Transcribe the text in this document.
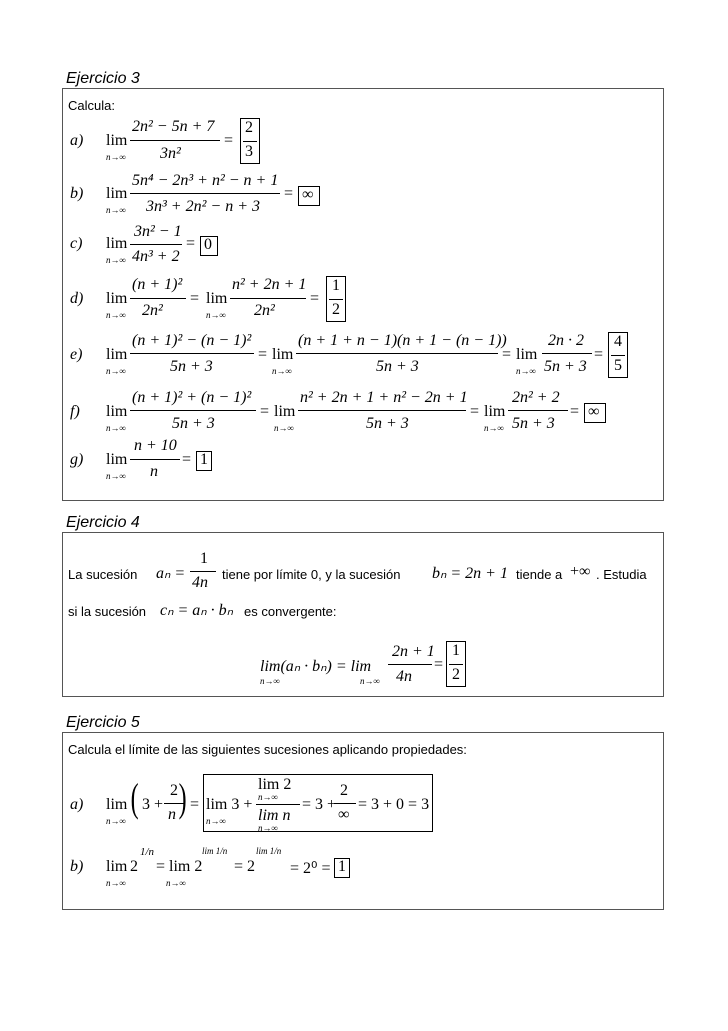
Ejercicio 3
Calcula:
a) lim
n→∞
2n² − 5n + 7
3n²
=
2
3
b) lim
n→∞
5n⁴ − 2n³ + n² − n + 1
3n³ + 2n² − n + 3
= ∞
c) lim
n→∞
3n² − 1
4n³ + 2
= 0
d) lim
n→∞
(n + 1)²
2n²
= lim
n→∞
n² + 2n + 1
2n²
=
1
2
e) lim
n→∞
(n + 1)² − (n − 1)²
5n + 3
= lim
n→∞
(n + 1 + n − 1)(n + 1 − (n − 1))
5n + 3
= lim
n→∞
2n · 2
5n + 3
=
4
5
f) lim
n→∞
(n + 1)² + (n − 1)²
5n + 3
= lim
n→∞
n² + 2n + 1 + n² − 2n + 1
5n + 3
= lim
n→∞
2n² + 2
5n + 3
= ∞
g) lim
n→∞
n + 10
n
= 1
Ejercicio 4
La sucesión aₙ =
1
4n tiene por límite 0, y la sucesión bₙ = 2n + 1 tiende a +∞ . Estudia
si la sucesión cₙ = aₙ · bₙ es convergente:
lim(aₙ · bₙ) = lim
n→∞	n→∞
2n + 1
4n
=
1
2
Ejercicio 5
Calcula el límite de las siguientes sucesiones aplicando propiedades:
a) lim
n→∞
( 3 +
2
n ) = lim 3 +
n→∞
lim 2
n→∞
lim n
n→∞
= 3 +
2
∞
= 3 + 0 = 3
b) lim
n→∞
2
1/n
= lim 2
n→∞
lim 1/n
= 2
lim 1/n
= 2⁰ = 1
